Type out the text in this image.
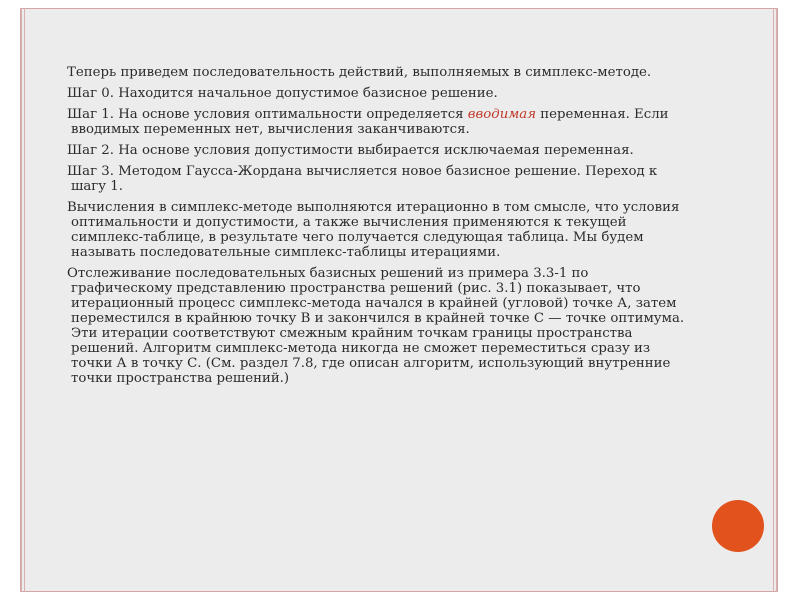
Теперь приведем последовательность действий, выполняемых в симплекс-методе.

Шаг 0. Находится начальное допустимое базисное решение.

Шаг 1. На основе условия оптимальности определяется вводимая переменная. Если вводимых переменных нет, вычисления заканчиваются.

Шаг 2. На основе условия допустимости выбирается исключаемая переменная.

Шаг 3. Методом Гаусса-Жордана вычисляется новое базисное решение. Переход к шагу 1.

Вычисления в симплекс-методе выполняются итерационно в том смысле, что условия оптимальности и допустимости, а также вычисления применяются к текущей симплекс-таблице, в результате чего получается следующая таблица. Мы будем называть последовательные симплекс-таблицы итерациями.

Отслеживание последовательных базисных решений из примера 3.3-1 по графическому представлению пространства решений (рис. 3.1) показывает, что итерационный процесс симплекс-метода начался в крайней (угловой) точке А, затем переместился в крайнюю точку В и закончился в крайней точке С — точке оптимума. Эти итерации соответствуют смежным крайним точкам границы пространства решений. Алгоритм симплекс-метода никогда не сможет переместиться сразу из точки А в точку С. (См. раздел 7.8, где описан алгоритм, использующий внутренние точки пространства решений.)
